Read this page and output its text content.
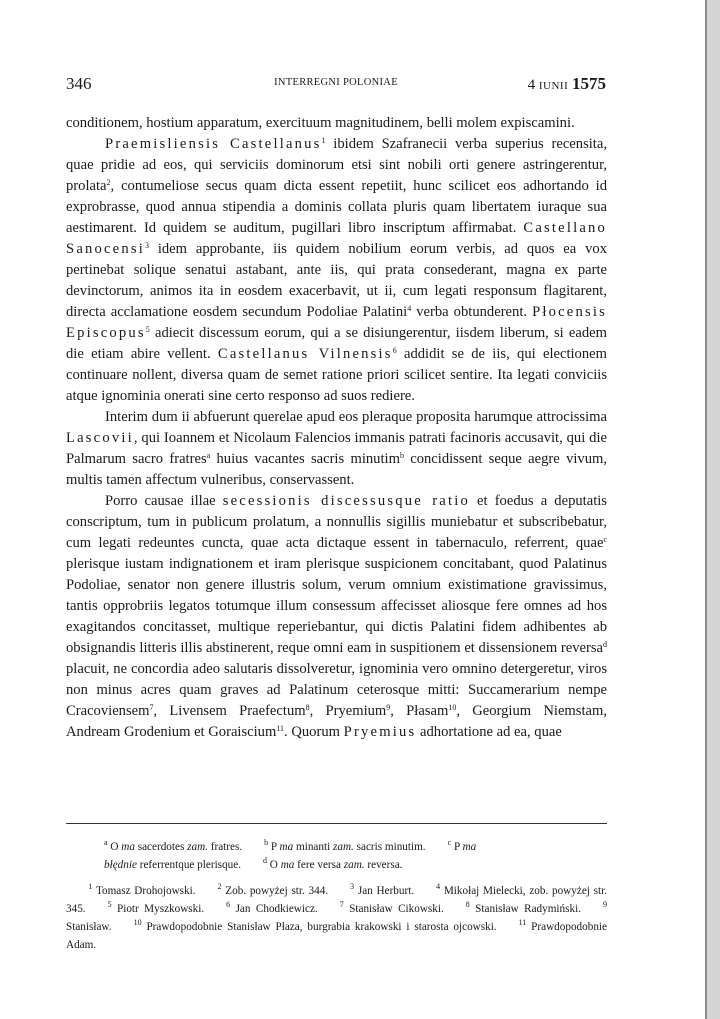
346	INTERREGNI POLONIAE	4 IUNII 1575

conditionem, hostium apparatum, exercituum magnitudinem, belli molem expiscamini.

Praemisliensis Castellanus$^1$ ibidem Szafranecii verba superius recensita, quae pridie ad eos, qui serviciis dominorum etsi sint nobili orti genere astringerentur, prolata$^2$, contumeliose secus quam dicta essent repetiit, hunc scilicet eos adhortando id exprobrasse, quod annua stipendia a dominis collata pluris quam libertatem iuraque sua aestimarent. Id quidem se auditum, pugillari libro inscriptum affirmabat. Castellano Sanocensi$^3$ idem approbante, iis quidem nobilium eorum verbis, ad quos ea vox pertinebat solique senatui astabant, ante iis, qui prata consederant, magna ex parte devinctorum, animos ita in eosdem exacerbavit, ut ii, cum legati responsum flagitarent, directa acclamatione eosdem secundum Podoliae Palatini$^4$ verba obtunderent. Płocensis Episcopus$^5$ adiecit discessum eorum, qui a se disiungerentur, iisdem liberum, si eadem die etiam abire vellent. Castellanus Vilnensis$^6$ addidit se de iis, qui electionem continuare nollent, diversa quam de semet ratione priori scilicet sentire. Ita legati conviciis atque ignominia onerati sine certo responso ad suos rediere.

Interim dum ii abfuerunt querelae apud eos pleraque proposita harumque attrocissima Lascovii, qui Ioannem et Nicolaum Falencios immanis patrati facinoris accusavit, qui die Palmarum sacro fratres$^a$ huius vacantes sacris minutim$^b$ concidissent seque aegre vivum, multis tamen affectum vulneribus, conservassent.

Porro causae illae secessionis discessusque ratio et foedus a deputatis conscriptum, tum in publicum prolatum, a nonnullis sigillis muniebatur et subscribebatur, cum legati redeuntes cuncta, quae acta dictaque essent in tabernaculo, referrent, quae$^c$ plerisque iustam indignationem et iram plerisque suspicionem concitabant, quod Palatinus Podoliae, senator non genere illustris solum, verum omnium existimatione gravissimus, tantis opprobriis legatos totumque illum consessum affecisset aliosque fere omnes ad hos exagitandos concitasset, multique reperiebantur, qui dictis Palatini fidem adhibentes ab obsignandis litteris illis abstinerent, reque omni eam in suspitionem et dissensionem reversa$^d$ placuit, ne concordia adeo salutaris dissolveretur, ignominia vero omnino detergeretur, viros non minus acres quam graves ad Palatinum ceterosque mitti: Succamerarium nempe Cracoviensem$^7$, Livensem Praefectum$^8$, Pryemium$^9$, Płasam$^{10}$, Georgium Niemstam, Andream Grodenium et Goraiscium$^{11}$. Quorum Pryemius adhortatione ad ea, quae

$^a$ O ma sacerdotes zam. fratres.	$^b$ P ma minanti zam. sacris minutim.	$^c$ P ma
błędnie referrentque plerisque.	$^d$ O ma fere versa zam. reversa.
$^1$ Tomasz Drohojowski.	$^2$ Zob. powyżej str. 344.	$^3$ Jan Herburt.	$^4$ Mikołaj Mielecki, zob. powyżej str. 345.	$^5$ Piotr Myszkowski.	$^6$ Jan Chodkiewicz.	$^7$ Stanisław Cikowski.	$^8$ Stanisław Radymiński.	$^9$ Stanisław.	$^{10}$ Prawdopodobnie Stanisław Płaza, burgrabia krakowski i starosta ojcowski.	$^{11}$ Prawdopodobnie Adam.
